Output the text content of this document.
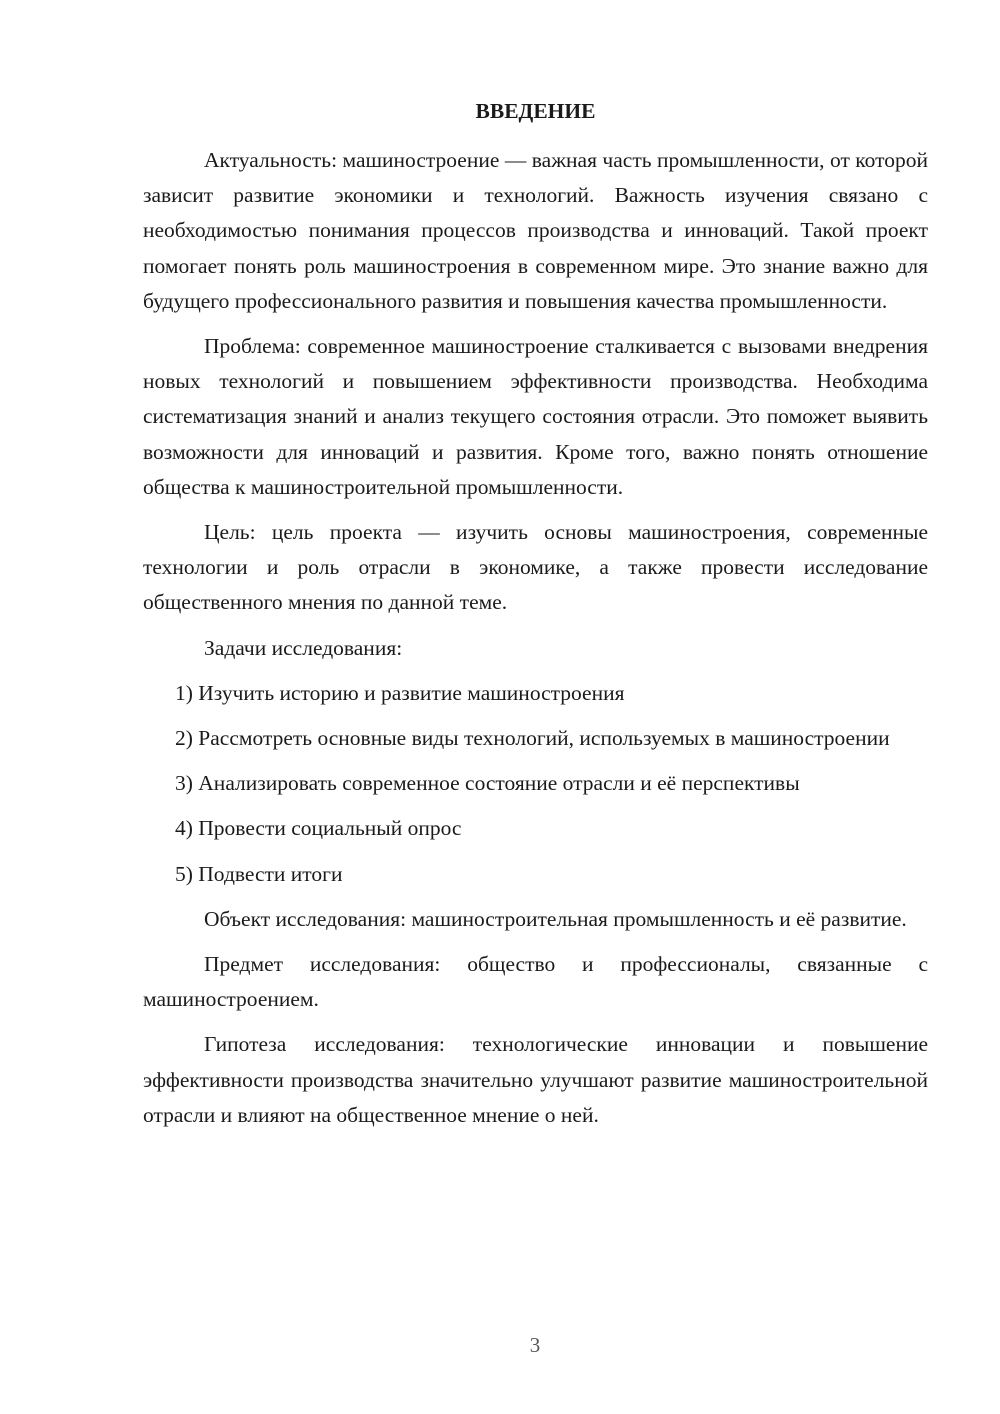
ВВЕДЕНИЕ

Актуальность: машиностроение — важная часть промышленности, от которой зависит развитие экономики и технологий. Важность изучения связано с необходимостью понимания процессов производства и инноваций. Такой проект помогает понять роль машиностроения в современном мире. Это знание важно для будущего профессионального развития и повышения качества промышленности.

Проблема: современное машиностроение сталкивается с вызовами внедрения новых технологий и повышением эффективности производства. Необходима систематизация знаний и анализ текущего состояния отрасли. Это поможет выявить возможности для инноваций и развития. Кроме того, важно понять отношение общества к машиностроительной промышленности.

Цель: цель проекта — изучить основы машиностроения, современные технологии и роль отрасли в экономике, а также провести исследование общественного мнения по данной теме.

Задачи исследования:

1) Изучить историю и развитие машиностроения

2) Рассмотреть основные виды технологий, используемых в машиностроении

3) Анализировать современное состояние отрасли и её перспективы

4) Провести социальный опрос

5) Подвести итоги

Объект исследования: машиностроительная промышленность и её развитие.

Предмет исследования: общество и профессионалы, связанные с машиностроением.

Гипотеза исследования: технологические инновации и повышение эффективности производства значительно улучшают развитие машиностроительной отрасли и влияют на общественное мнение о ней.

3
